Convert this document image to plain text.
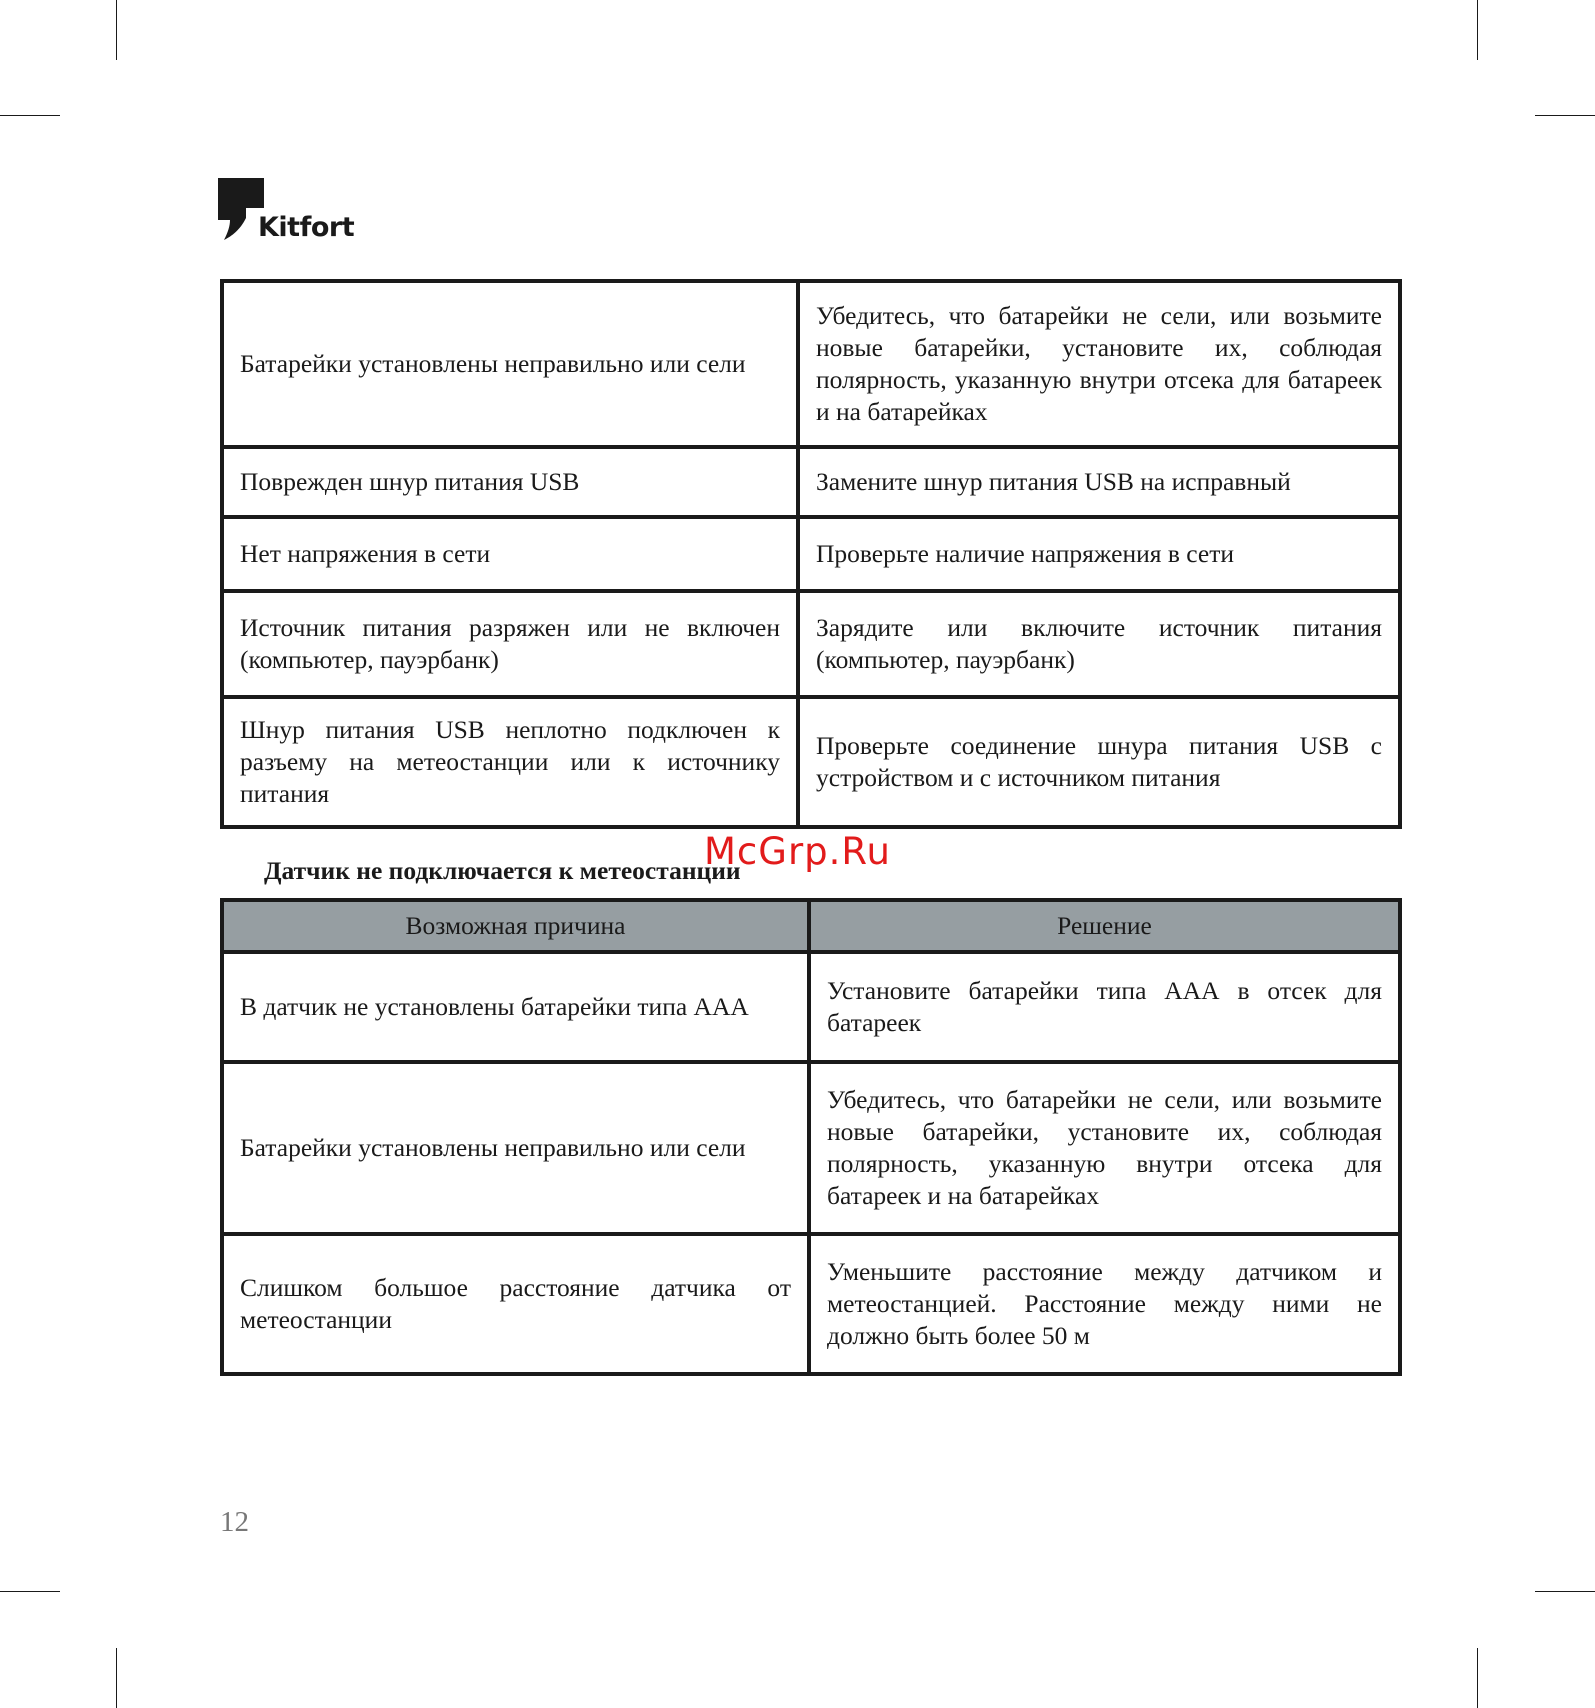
Kitfort
Батарейки установлены неправильно или сели	Убедитесь, что батарейки не сели, или возьмите новые батарейки, установите их, соблюдая полярность, указанную внутри отсека для батареек и на батарейках
Поврежден шнур питания USB	Замените шнур питания USB на исправный
Нет напряжения в сети	Проверьте наличие напряжения в сети
Источник питания разряжен или не включен (компьютер, пауэрбанк)	Зарядите или включите источник питания (компьютер, пауэрбанк)
Шнур питания USB неплотно подключен к разъему на метеостанции или к источнику питания	Проверьте соединение шнура питания USB с устройством и с источником питания
Датчик не подключается к метеостанции
McGrp.Ru
Возможная причина	Решение
В датчик не установлены батарейки типа ААА	Установите батарейки типа ААА в отсек для батареек
Батарейки установлены неправильно или сели	Убедитесь, что батарейки не сели, или возьмите новые батарейки, установите их, соблюдая полярность, указанную внутри отсека для батареек и на батарейках
Слишком большое расстояние датчика от метеостанции	Уменьшите расстояние между датчиком и метеостанцией. Расстояние между ними не должно быть более 50 м
12
